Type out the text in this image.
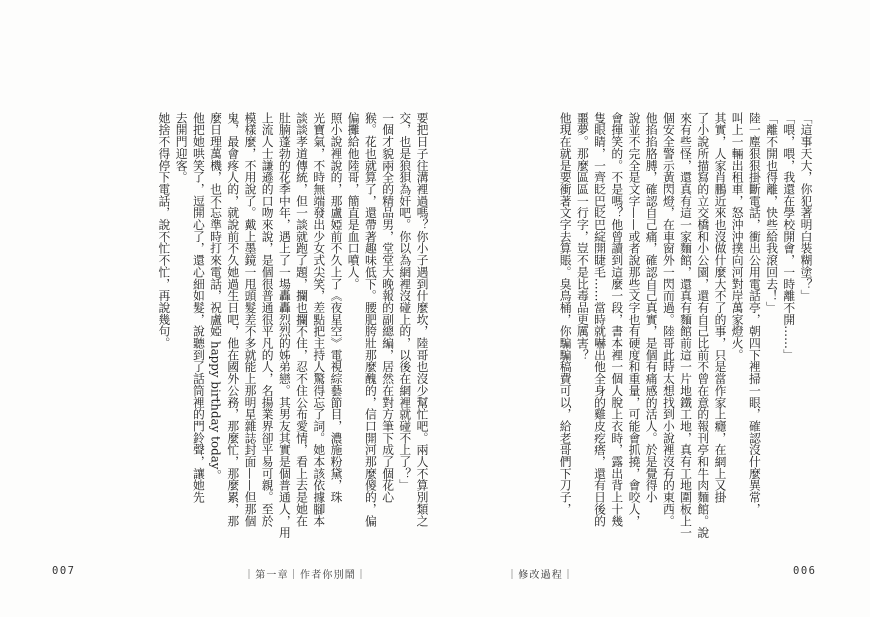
要把日子往溝裡過嗎？你小子遇到什麼坎，陸哥也沒少幫忙吧。兩人不算別類之

交，也是狼狽為奸吧。你以為網裡沒碰上的，以後在網裡就碰不上了？」

一個才貌兩全的精品男，堂堂大晚報的副總編，居然在對方筆下成了個花心

猴。花也就算了，還帶著趣味低下。腰肥胯壯那麼醜的，信口開河那麼傻的，偏

偏攤給他陸哥，簡直是血口噴人。

照小說裡說的，那盧婭前不久上了《夜星空》電視綜藝節目，濃施粉黛，珠

光寶氣，不時無端發出少女式尖笑，差點把主持人驚得忘了詞。她本該依據腳本

談談孝道傳統，但一談就跑了題，攔也攔不住，忍不住公布愛情，看上去是她在

肚腩蓬勃的花季中年，遇上了一場轟轟烈烈的姊弟戀。其男友其實是個普通人，用

上流人士謙遜的口吻來說，是個很普通很平凡的人，名揚業界卻平易可親。至於

模樣麼，不用說了。戴上墨鏡一甩頭髮差不多就能上那明星雜誌封面——但那個

鬼，最會疼人的，就說前不久她過生日吧，他在國外公務，那麼忙，那麼累，那

麼日理萬機，也不忘準時打來電話，祝盧婭 happy birthday today。

他把她哄笑了，逗開心了，還心細如髮，說聽到了話筒裡的門鈴聲，讓她先

去開門迎客。

她捨不得停下電話，說不忙不忙，再說幾句。

007	｜第一章｜作者你別鬧｜

「這事天大，你犯著明白裝糊塗？」

「喂，喂，我還在學校開會，一時離不開……」

「離不開也得離，快些給我滾回去！」

陸一塵狠狠掛斷電話，衝出公用電話亭，朝四下裡掃一眼，確認沒什麼異常，

叫上一輛出租車，怒沖沖撲向河對岸萬家燈火。

其實，人家肖鵬近來也沒做什麼大不了的事，只是當作家上癮，在網上又掛

了小說所描寫的立交橋和小公園，還有自己比前不曾在意的報刊亭和牛肉麵館。說

來有些怪，還真有這一家麵館，還真有麵館前這一片地鐵工地，真有工地圍板上一

個安全警示黃閃燈，在車窗外一閃而過。陸哥此時太想找到小說裡沒有的東西。

他掐掐胳膊，確認自己痛，確認自己真實，是個有痛感的活人。於是覺得小

說並不完全是文字——或者說那些文字也有硬度和重量，可能會抓撓，會咬人，

會揮笑的。不是嗎？他曾讀到這麼一段，書本裡一個人脫上衣時，露出背上十幾

隻眼睛，一齊眨巴眨巴綻開睫毛……當時就嚇出他全身的雞皮疙瘩，還有日後的

噩夢。那麼區區一行字，豈不是比毒品更厲害？

他現在就是要衝著文字去算賬。臭鳥桶，你騙騙稿費可以，給老哥們下刀子，

｜修改過程｜	006
